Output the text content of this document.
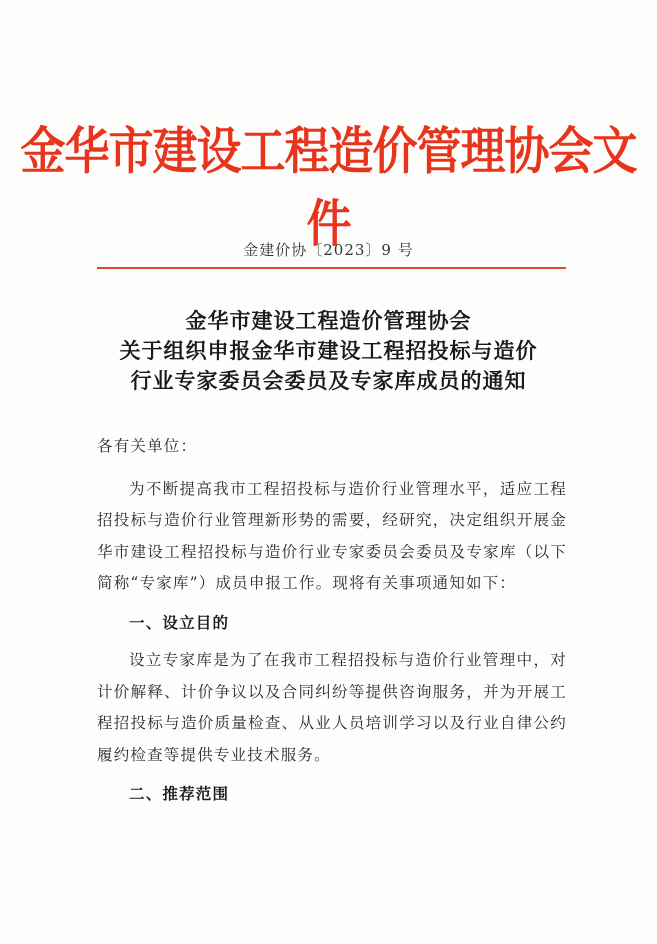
金华市建设工程造价管理协会文件
金建价协〔2023〕9 号
金华市建设工程造价管理协会
关于组织申报金华市建设工程招投标与造价
行业专家委员会委员及专家库成员的通知

各有关单位：

为不断提高我市工程招投标与造价行业管理水平，适应工程招投标与造价行业管理新形势的需要，经研究，决定组织开展金华市建设工程招投标与造价行业专家委员会委员及专家库（以下简称“专家库”）成员申报工作。现将有关事项通知如下：

一、设立目的

设立专家库是为了在我市工程招投标与造价行业管理中，对计价解释、计价争议以及合同纠纷等提供咨询服务，并为开展工程招投标与造价质量检查、从业人员培训学习以及行业自律公约履约检查等提供专业技术服务。

二、推荐范围
